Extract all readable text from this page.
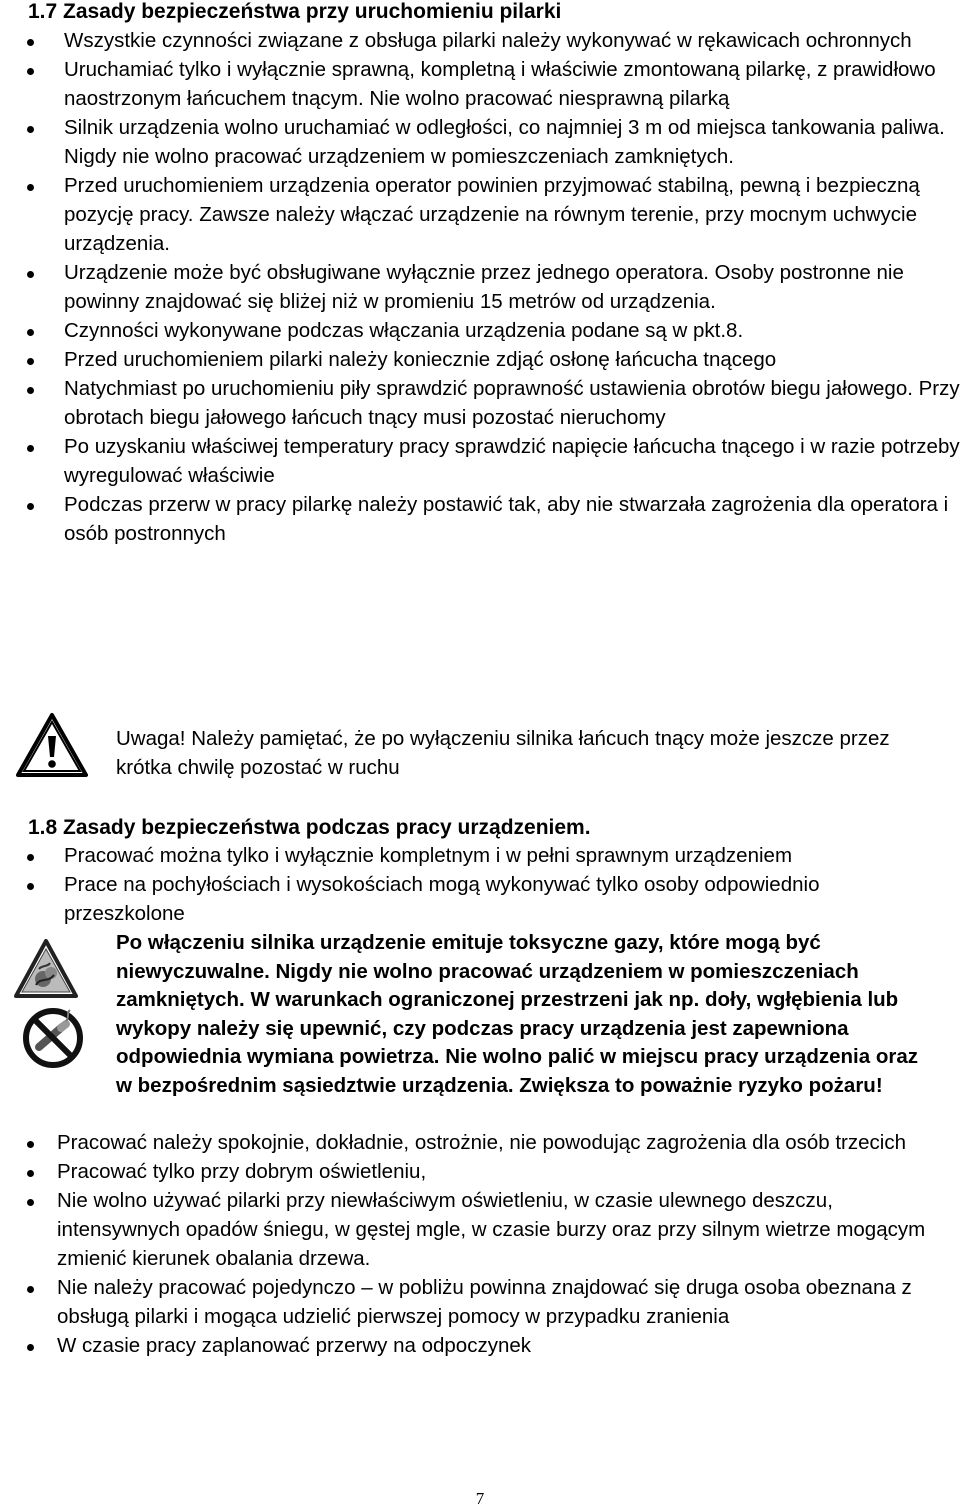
1.7 Zasady bezpieczeństwa przy uruchomieniu pilarki
Wszystkie czynności związane z obsługa pilarki należy wykonywać w rękawicach ochronnych
Uruchamiać tylko i wyłącznie sprawną, kompletną i właściwie zmontowaną pilarkę, z prawidłowo naostrzonym łańcuchem tnącym. Nie wolno pracować niesprawną pilarką
Silnik urządzenia wolno uruchamiać w odległości, co najmniej 3 m od miejsca tankowania paliwa. Nigdy nie wolno pracować urządzeniem w pomieszczeniach zamkniętych.
Przed uruchomieniem urządzenia operator powinien przyjmować stabilną, pewną i bezpieczną pozycję pracy. Zawsze należy włączać urządzenie na równym terenie, przy mocnym uchwycie urządzenia.
Urządzenie może być obsługiwane wyłącznie przez jednego operatora. Osoby postronne nie powinny znajdować się bliżej niż w promieniu 15 metrów od urządzenia.
Czynności wykonywane podczas włączania urządzenia podane są w pkt.8.
Przed uruchomieniem pilarki należy koniecznie zdjąć osłonę łańcucha tnącego
Natychmiast po uruchomieniu piły sprawdzić poprawność ustawienia obrotów biegu jałowego. Przy obrotach biegu jałowego łańcuch tnący musi pozostać nieruchomy
Po uzyskaniu właściwej temperatury pracy sprawdzić napięcie łańcucha tnącego i w razie potrzeby wyregulować właściwie
Podczas przerw w pracy pilarkę należy postawić tak, aby nie stwarzała zagrożenia dla operatora i osób postronnych
Uwaga! Należy pamiętać, że po wyłączeniu silnika łańcuch tnący może jeszcze przez krótka chwilę pozostać w ruchu
1.8 Zasady bezpieczeństwa podczas pracy urządzeniem.
Pracować można tylko i wyłącznie kompletnym i w pełni sprawnym urządzeniem
Prace na pochyłościach i wysokościach mogą wykonywać tylko osoby odpowiednio przeszkolone
Po włączeniu silnika urządzenie emituje toksyczne gazy, które mogą być niewyczuwalne. Nigdy nie wolno pracować urządzeniem w pomieszczeniach zamkniętych. W warunkach ograniczonej przestrzeni jak np. doły, wgłębienia lub wykopy należy się upewnić, czy podczas pracy urządzenia jest zapewniona odpowiednia wymiana powietrza. Nie wolno palić w miejscu pracy urządzenia oraz w bezpośrednim sąsiedztwie urządzenia. Zwiększa to poważnie ryzyko pożaru!
Pracować należy spokojnie, dokładnie, ostrożnie, nie powodując zagrożenia dla osób trzecich
Pracować tylko przy dobrym oświetleniu,
Nie wolno używać pilarki przy niewłaściwym oświetleniu, w czasie ulewnego deszczu, intensywnych opadów śniegu, w gęstej mgle, w czasie burzy oraz przy silnym wietrze mogącym zmienić kierunek obalania drzewa.
Nie należy pracować pojedynczo – w pobliżu powinna znajdować się druga osoba obeznana z obsługą pilarki i mogąca udzielić pierwszej pomocy w przypadku zranienia
W czasie pracy zaplanować przerwy na odpoczynek
7
